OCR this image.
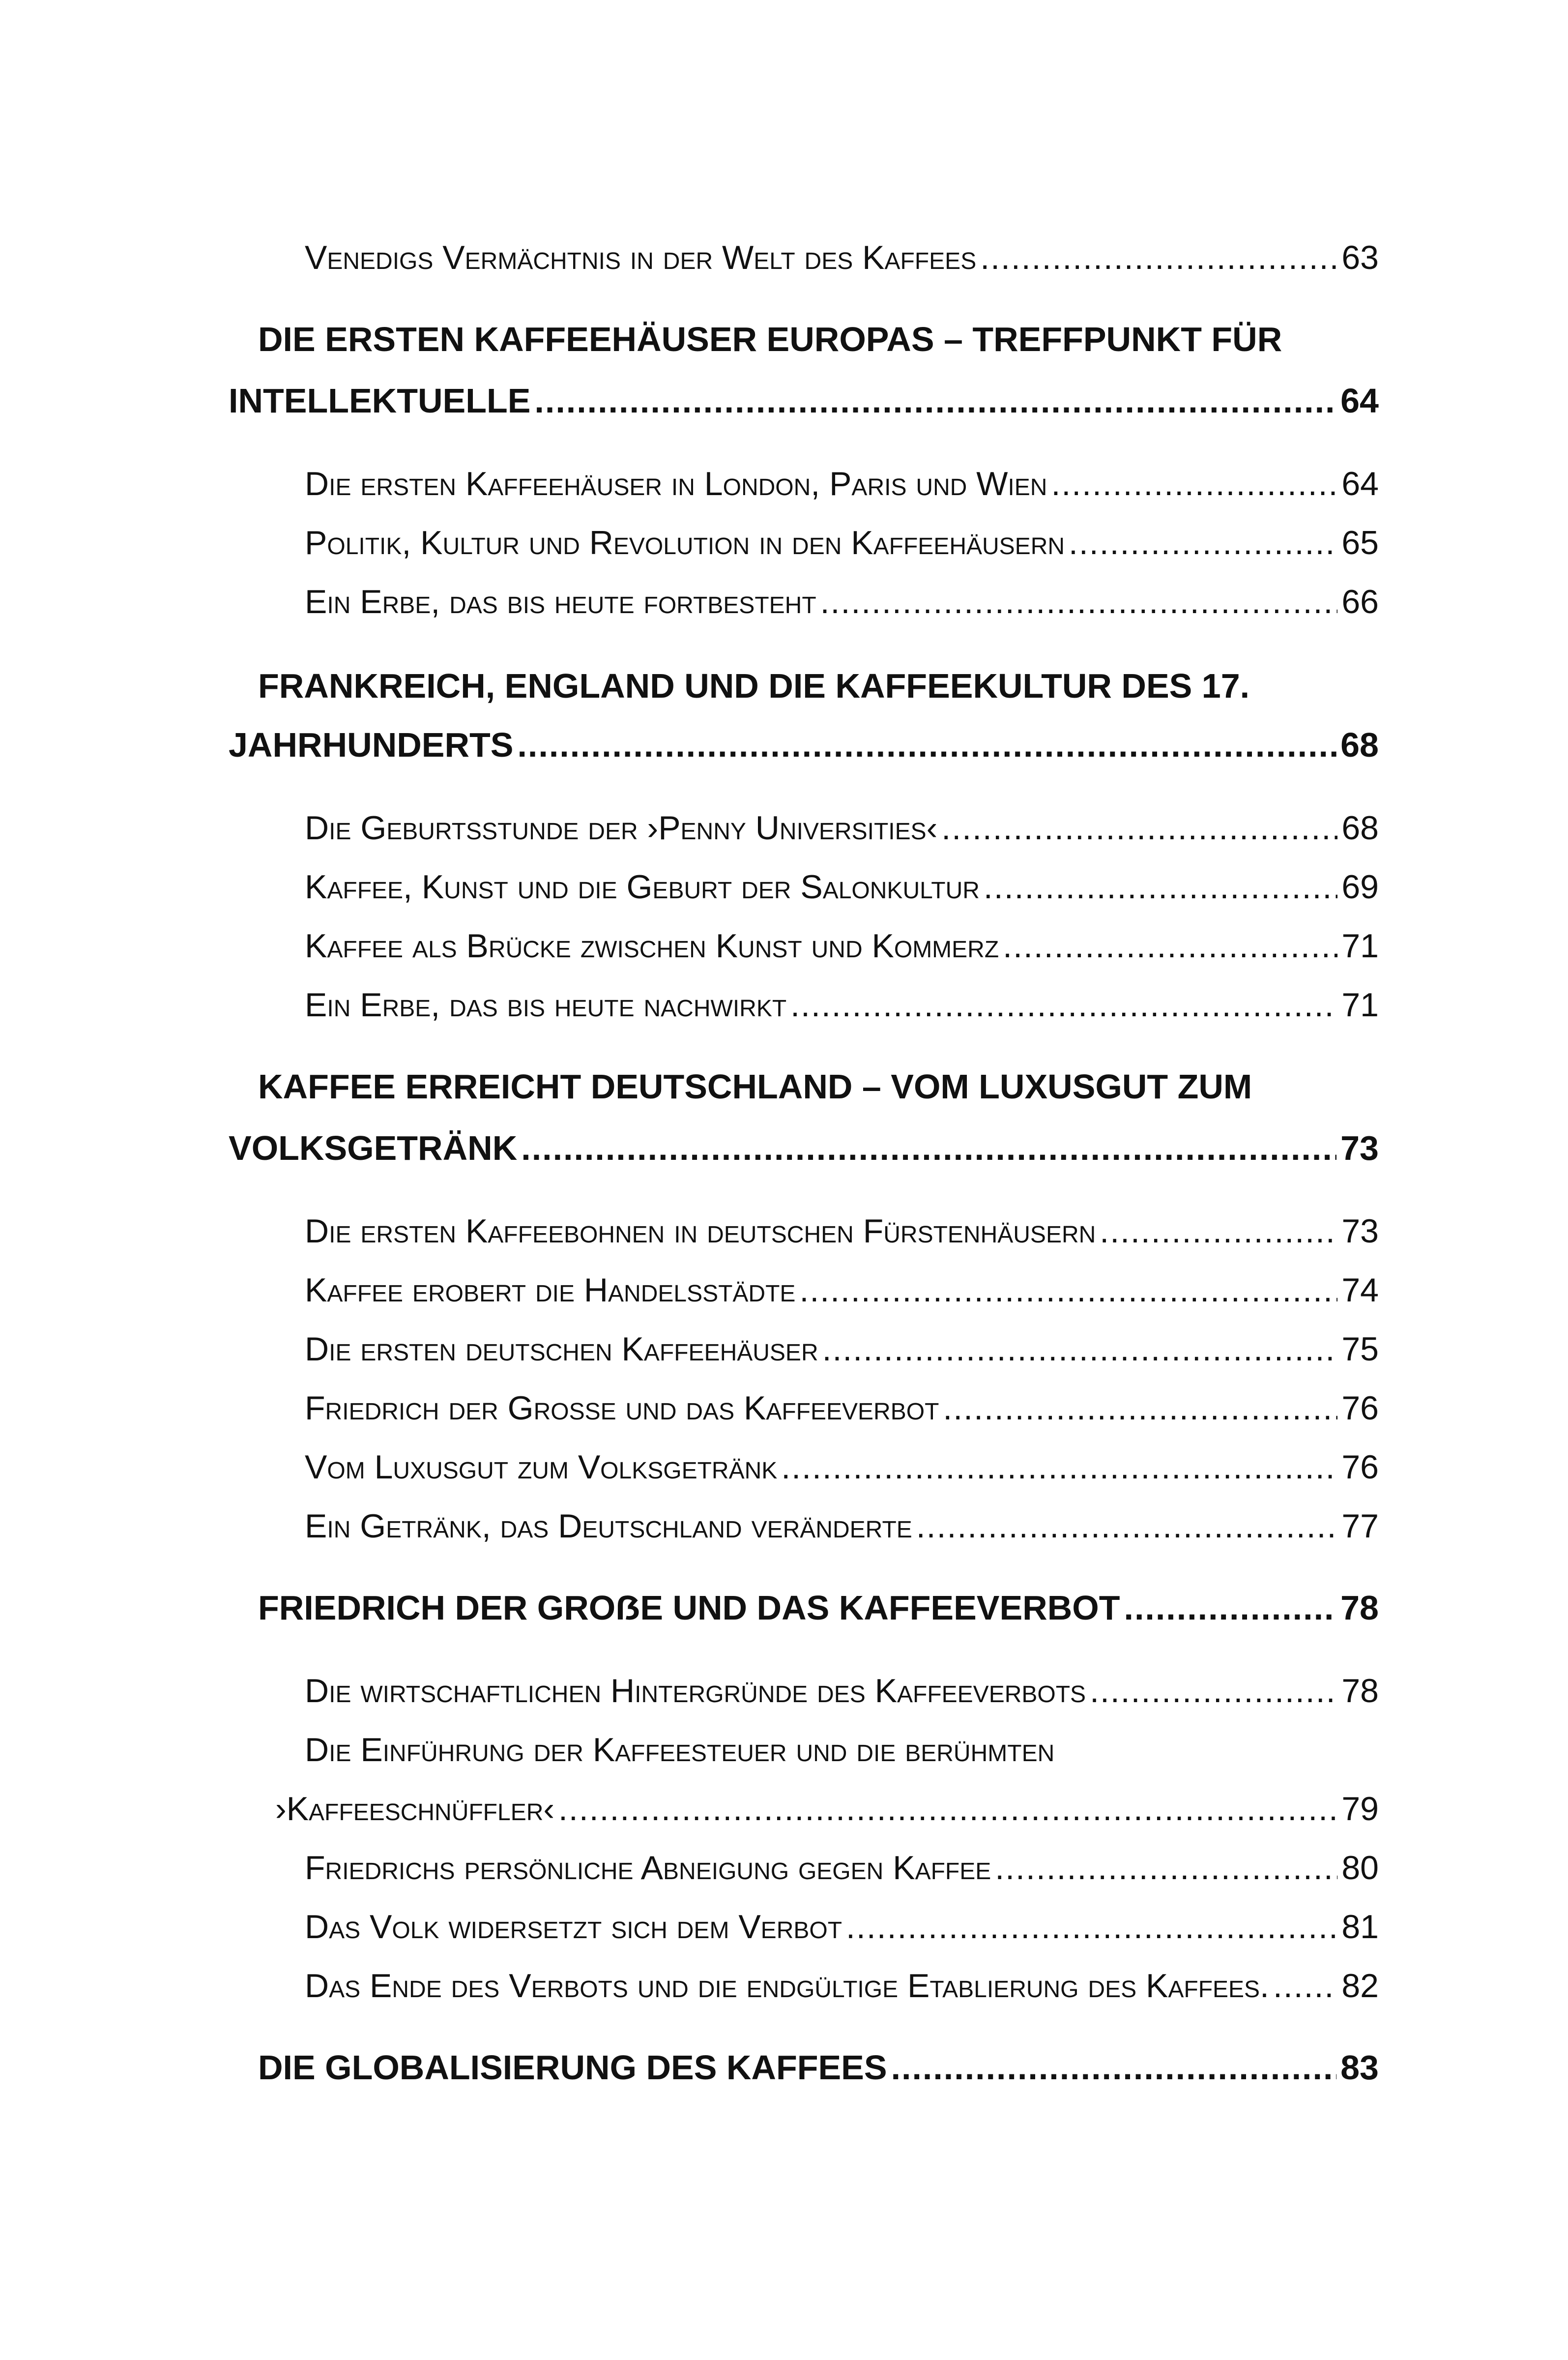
Venedigs Vermächtnis in der Welt des Kaffees .....	63
DIE ERSTEN KAFFEEHÄUSER EUROPAS – TREFFPUNKT FÜR
INTELLEKTUELLE .....	64
Die ersten Kaffeehäuser in London, Paris und Wien .....	64
Politik, Kultur und Revolution in den Kaffeehäusern .....	65
Ein Erbe, das bis heute fortbesteht .....	66
FRANKREICH, ENGLAND UND DIE KAFFEEKULTUR DES 17.
JAHRHUNDERTS .....	68
Die Geburtsstunde der ›Penny Universities‹ .....	68
Kaffee, Kunst und die Geburt der Salonkultur .....	69
Kaffee als Brücke zwischen Kunst und Kommerz .....	71
Ein Erbe, das bis heute nachwirkt .....	71
KAFFEE ERREICHT DEUTSCHLAND – VOM LUXUSGUT ZUM
VOLKSGETRÄNK .....	73
Die ersten Kaffeebohnen in deutschen Fürstenhäusern .....	73
Kaffee erobert die Handelsstädte .....	74
Die ersten deutschen Kaffeehäuser .....	75
Friedrich der Große und das Kaffeeverbot .....	76
Vom Luxusgut zum Volksgetränk .....	76
Ein Getränk, das Deutschland veränderte .....	77
FRIEDRICH DER GROẞE UND DAS KAFFEEVERBOT .....	78
Die wirtschaftlichen Hintergründe des Kaffeeverbots .....	78
Die Einführung der Kaffeesteuer und die berühmten
›Kaffeeschnüffler‹ .....	79
Friedrichs persönliche Abneigung gegen Kaffee .....	80
Das Volk widersetzt sich dem Verbot .....	81
Das Ende des Verbots und die endgültige Etablierung des Kaffees. ..... 82
DIE GLOBALISIERUNG DES KAFFEES .....	83
